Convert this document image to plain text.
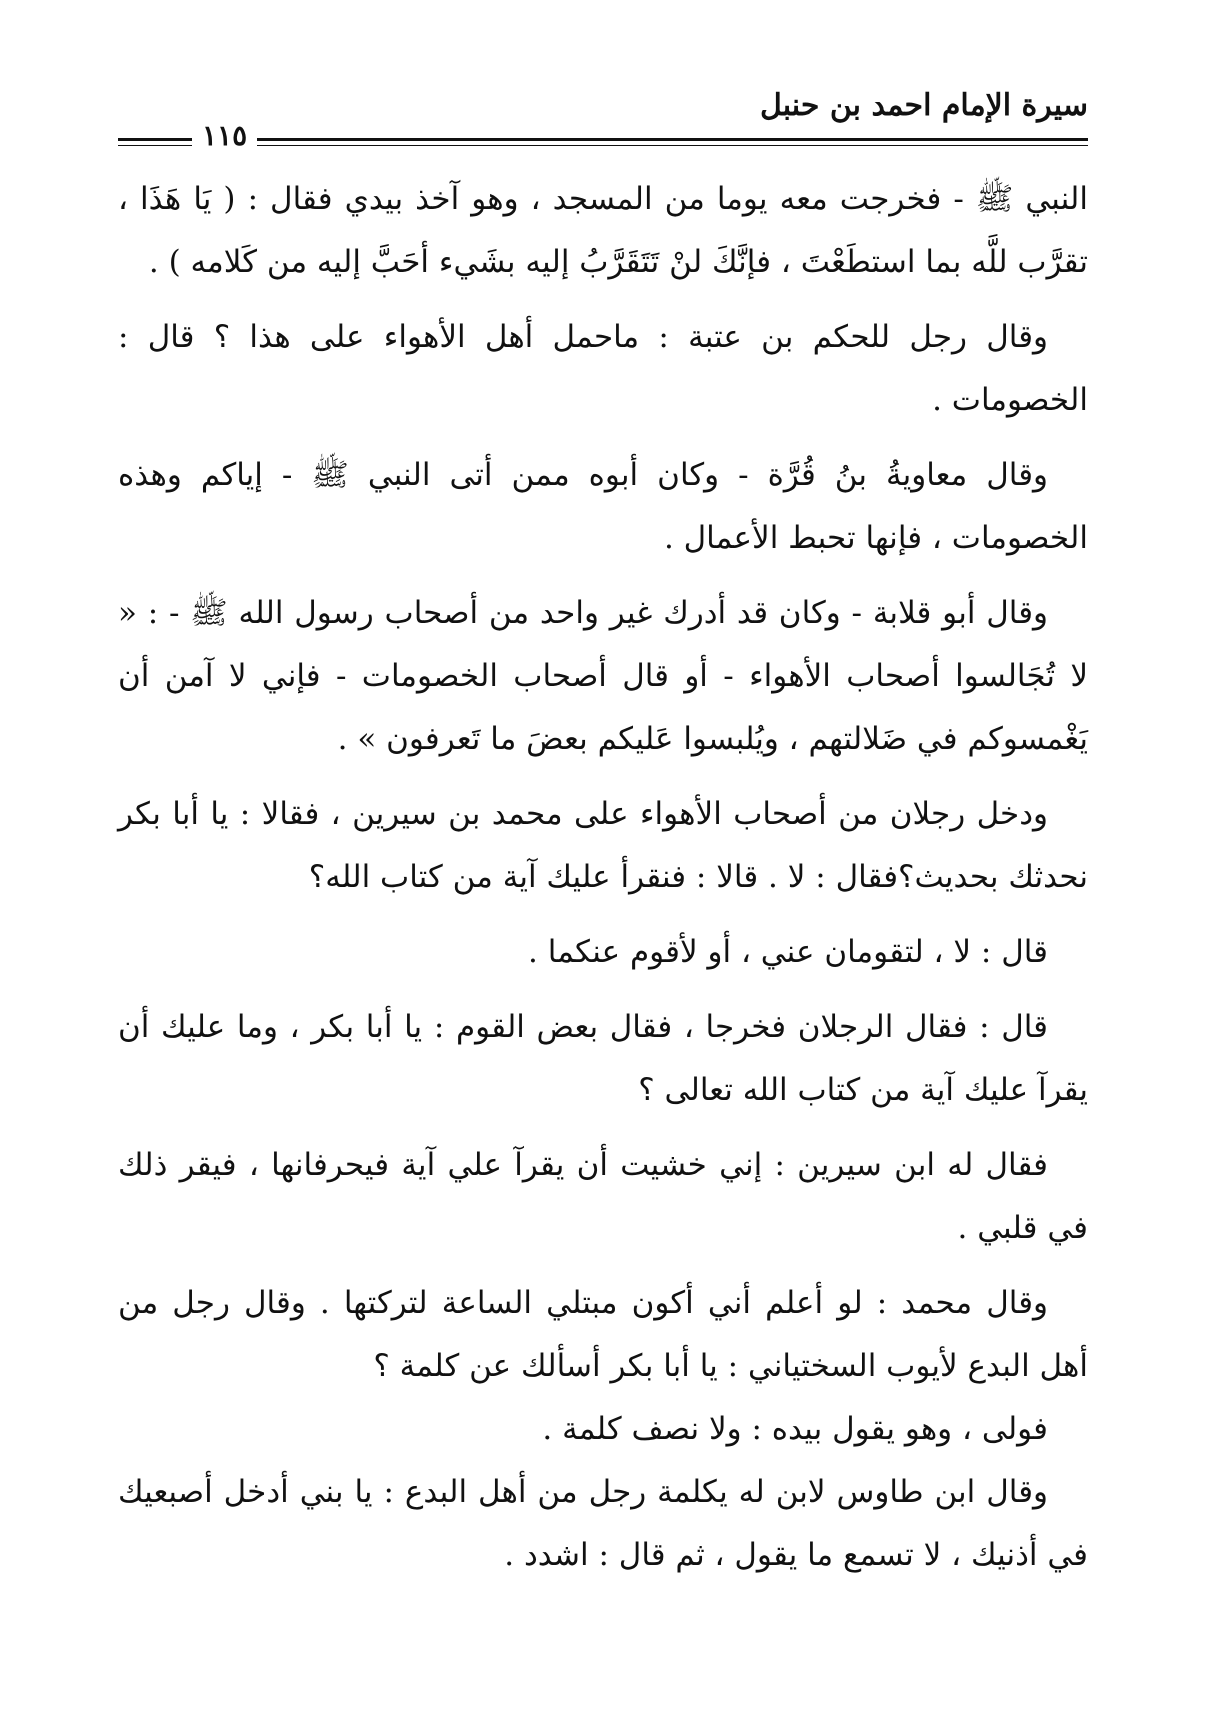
سيرة الإمام احمد بن حنبل
١١٥

النبي ﷺ - فخرجت معه يوما من المسجد ، وهو آخذ بيدي فقال : ( يَا هَذَا ، تقرَّب للَّه بما استطَعْتَ ، فإنَّكَ لنْ تَتَقَرَّبُ إليه بشَيء أحَبَّ إليه من كَلامه ) .

وقال رجل للحكم بن عتبة : ماحمل أهل الأهواء على هذا ؟ قال : الخصومات .

وقال معاويةُ بنُ قُرَّة - وكان أبوه ممن أتى النبي ﷺ - إياكم وهذه الخصومات ، فإنها تحبط الأعمال .

وقال أبو قلابة - وكان قد أدرك غير واحد من أصحاب رسول الله ﷺ - : « لا تُجَالسوا أصحاب الأهواء - أو قال أصحاب الخصومات - فإني لا آمن أن يَغْمسوكم في ضَلالتهم ، ويُلبسوا عَليكم بعضَ ما تَعرفون » .

ودخل رجلان من أصحاب الأهواء على محمد بن سيرين ، فقالا : يا أبا بكر نحدثك بحديث؟فقال : لا . قالا : فنقرأ عليك آية من كتاب الله؟

قال : لا ، لتقومان عني ، أو لأقوم عنكما .

قال : فقال الرجلان فخرجا ، فقال بعض القوم : يا أبا بكر ، وما عليك أن يقرآ عليك آية من كتاب الله تعالى ؟

فقال له ابن سيرين : إني خشيت أن يقرآ علي آية فيحرفانها ، فيقر ذلك في قلبي .

وقال محمد : لو أعلم أني أكون مبتلي الساعة لتركتها . وقال رجل من أهل البدع لأيوب السختياني : يا أبا بكر أسألك عن كلمة ؟

فولى ، وهو يقول بيده : ولا نصف كلمة .

وقال ابن طاوس لابن له يكلمة رجل من أهل البدع : يا بني أدخل أصبعيك في أذنيك ، لا تسمع ما يقول ، ثم قال : اشدد .
